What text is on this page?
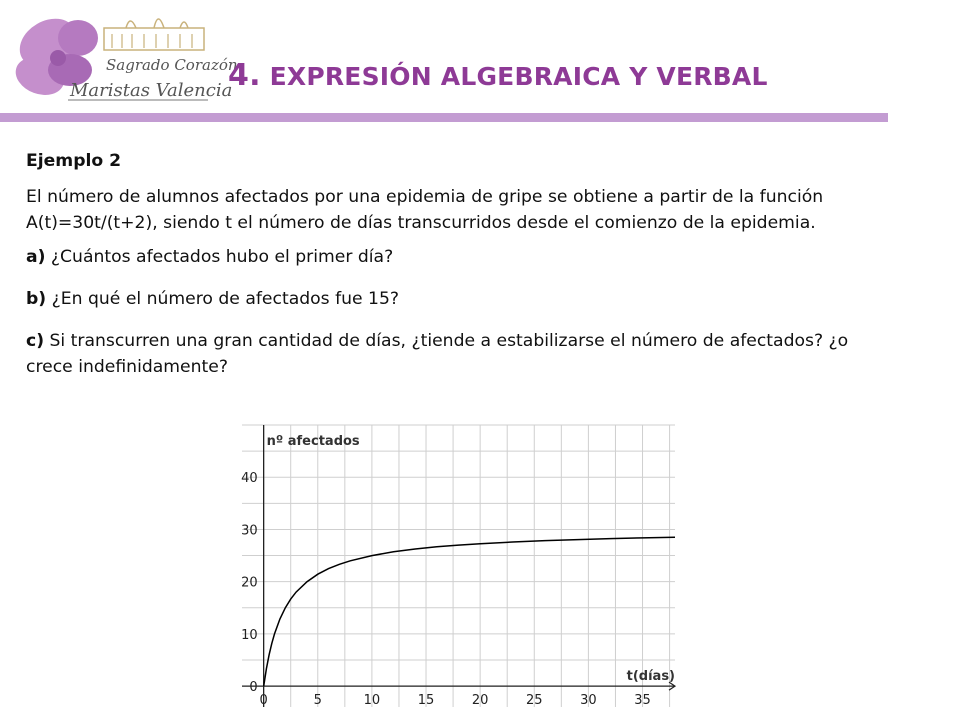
Sagrado Corazón
Maristas Valencia
4. EXPRESIÓN ALGEBRAICA Y VERBAL

Ejemplo 2

El número de alumnos afectados por una epidemia de gripe se obtiene a partir de la función A(t)=30t/(t+2), siendo t el número de días transcurridos desde el comienzo de la epidemia.

a) ¿Cuántos afectados hubo el primer día?

b) ¿En qué el número de afectados fue 15?

c) Si transcurren una gran cantidad de días, ¿tiende a estabilizarse el número de afectados? ¿o crece indefinidamente?

0	5	10	15	20	25	30	35
0
10
20
30
40
nº afectados
t(días)
